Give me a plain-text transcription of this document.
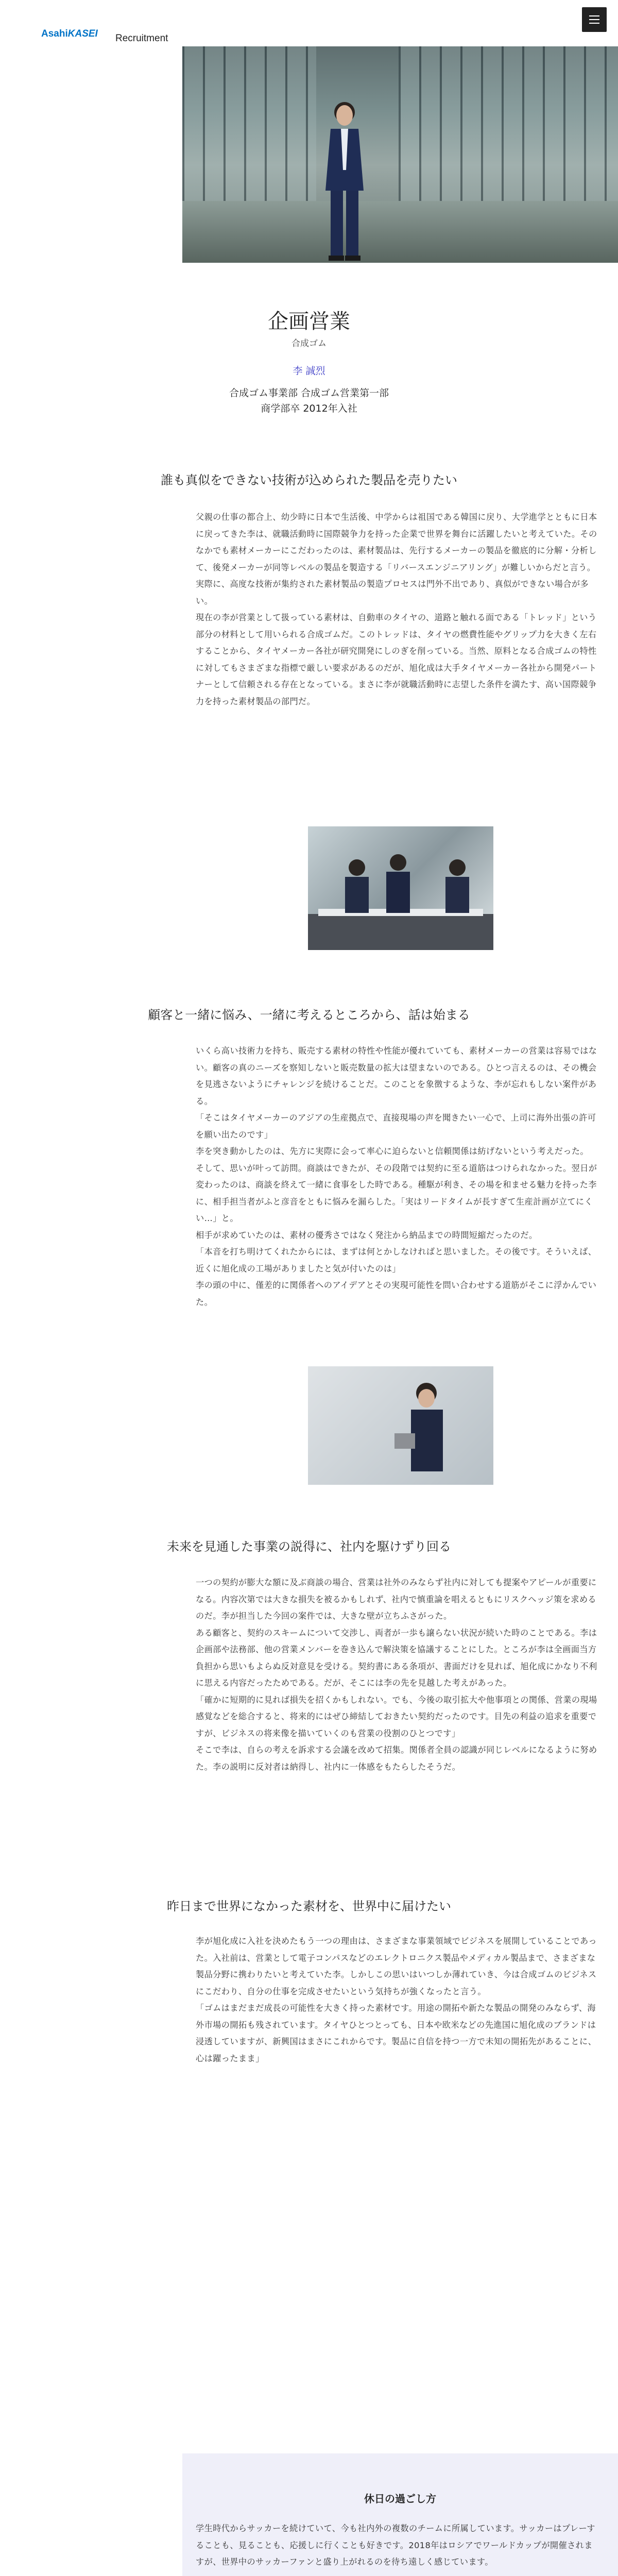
AsahiKASEI Recruitment
企画営業
合成ゴム
李 誠烈
合成ゴム事業部 合成ゴム営業第一部
商学部卒 2012年入社
誰も真似をできない技術が込められた製品を売りたい

父親の仕事の都合上、幼少時に日本で生活後、中学からは祖国である韓国に戻り、大学進学とともに日本に戻ってきた李は、就職活動時に国際競争力を持った企業で世界を舞台に活躍したいと考えていた。そのなかでも素材メーカーにこだわったのは、素材製品は、先行するメーカーの製品を徹底的に分解・分析して、後発メーカーが同等レベルの製品を製造する「リバースエンジニアリング」が難しいからだと言う。実際に、高度な技術が集約された素材製品の製造プロセスは門外不出であり、真似ができない場合が多い。

現在の李が営業として扱っている素材は、自動車のタイヤの、道路と触れる面である「トレッド」という部分の材料として用いられる合成ゴムだ。このトレッドは、タイヤの燃費性能やグリップ力を大きく左右することから、タイヤメーカー各社が研究開発にしのぎを削っている。当然、原料となる合成ゴムの特性に対してもさまざまな指標で厳しい要求があるのだが、旭化成は大手タイヤメーカー各社から開発パートナーとして信頼される存在となっている。まさに李が就職活動時に志望した条件を満たす、高い国際競争力を持った素材製品の部門だ。

顧客と一緒に悩み、一緒に考えるところから、話は始まる

いくら高い技術力を持ち、販売する素材の特性や性能が優れていても、素材メーカーの営業は容易ではない。顧客の真のニーズを察知しないと販売数量の拡大は望まないのである。ひとつ言えるのは、その機会を見逃さないようにチャレンジを続けることだ。このことを象徴するような、李が忘れもしない案件がある。

「そこはタイヤメーカーのアジアの生産拠点で、直接現場の声を聞きたい一心で、上司に海外出張の許可を願い出たのです」

李を突き動かしたのは、先方に実際に会って率心に迫らないと信頼関係は紡げないという考えだった。

そして、思いが叶って訪問。商談はできたが、その段階では契約に至る道筋はつけられなかった。翌日が変わったのは、商談を終えて一緒に食事をした時である。種駆が利き、その場を和ませる魅力を持った李に、相手担当者がふと彦音をともに悩みを漏らした。「実はリードタイムが長すぎて生産計画が立てにくい…」と。

相手が求めていたのは、素材の優秀さではなく発注から納品までの時間短縮だったのだ。

「本音を打ち明けてくれたからには、まずは何とかしなければと思いました。その後です。そういえば、近くに旭化成の工場がありましたと気が付いたのは」

李の頭の中に、僅差的に関係者へのアイデアとその実現可能性を問い合わせする道筋がそこに浮かんでいた。

未来を見通した事業の説得に、社内を駆けずり回る

一つの契約が膨大な額に及ぶ商談の場合、営業は社外のみならず社内に対しても提案やアピールが重要になる。内容次第では大きな損失を被るかもしれず、社内で慎重論を唱えるともにリスクヘッジ策を求めるのだ。李が担当した今回の案件では、大きな壁が立ちふさがった。

ある顧客と、契約のスキームについて交渉し、両者が一歩も譲らない状況が続いた時のことである。李は企画部や法務部、他の営業メンバーを巻き込んで解決策を協議することにした。ところが李は全画面当方負担から思いもよらぬ反対意見を受ける。契約書にある条項が、書面だけを見れば、旭化成にかなり不利に思える内容だったためである。だが、そこには李の先を見越した考えがあった。

「確かに短期的に見れば損失を招くかもしれない。でも、今後の取引拡大や他事項との関係、営業の現場感覚などを総合すると、将来的にはぜひ締結しておきたい契約だったのです。目先の利益の追求を重要ですが、ビジネスの将来像を描いていくのも営業の役割のひとつです」

そこで李は、自らの考えを訴求する会議を改めて招集。関係者全員の認識が同じレベルになるように努めた。李の説明に反対者は納得し、社内に一体感をもたらしたそうだ。

昨日まで世界になかった素材を、世界中に届けたい

李が旭化成に入社を決めたもう一つの理由は、さまざまな事業領域でビジネスを展開していることであった。入社前は、営業として電子コンパスなどのエレクトロニクス製品やメディカル製品まで、さまざまな製品分野に携わりたいと考えていた李。しかしこの思いはいつしか薄れていき、今は合成ゴムのビジネスにこだわり、自分の仕事を完成させたいという気持ちが強くなったと言う。

「ゴムはまだまだ成長の可能性を大きく持った素材です。用途の開拓や新たな製品の開発のみならず、海外市場の開拓も残されています。タイヤひとつとっても、日本や欧米などの先進国に旭化成のブランドは浸透していますが、新興国はまさにこれからです。製品に自信を持つ一方で未知の開拓先があることに、心は躍ったまま」

休日の過ごし方
学生時代からサッカーを続けていて、今も社内外の複数のチームに所属しています。サッカーはプレーすることも、見ることも、応援しに行くことも好きです。2018年はロシアでワールドカップが開催されますが、世界中のサッカーファンと盛り上がれるのを待ち遠しく感じています。
